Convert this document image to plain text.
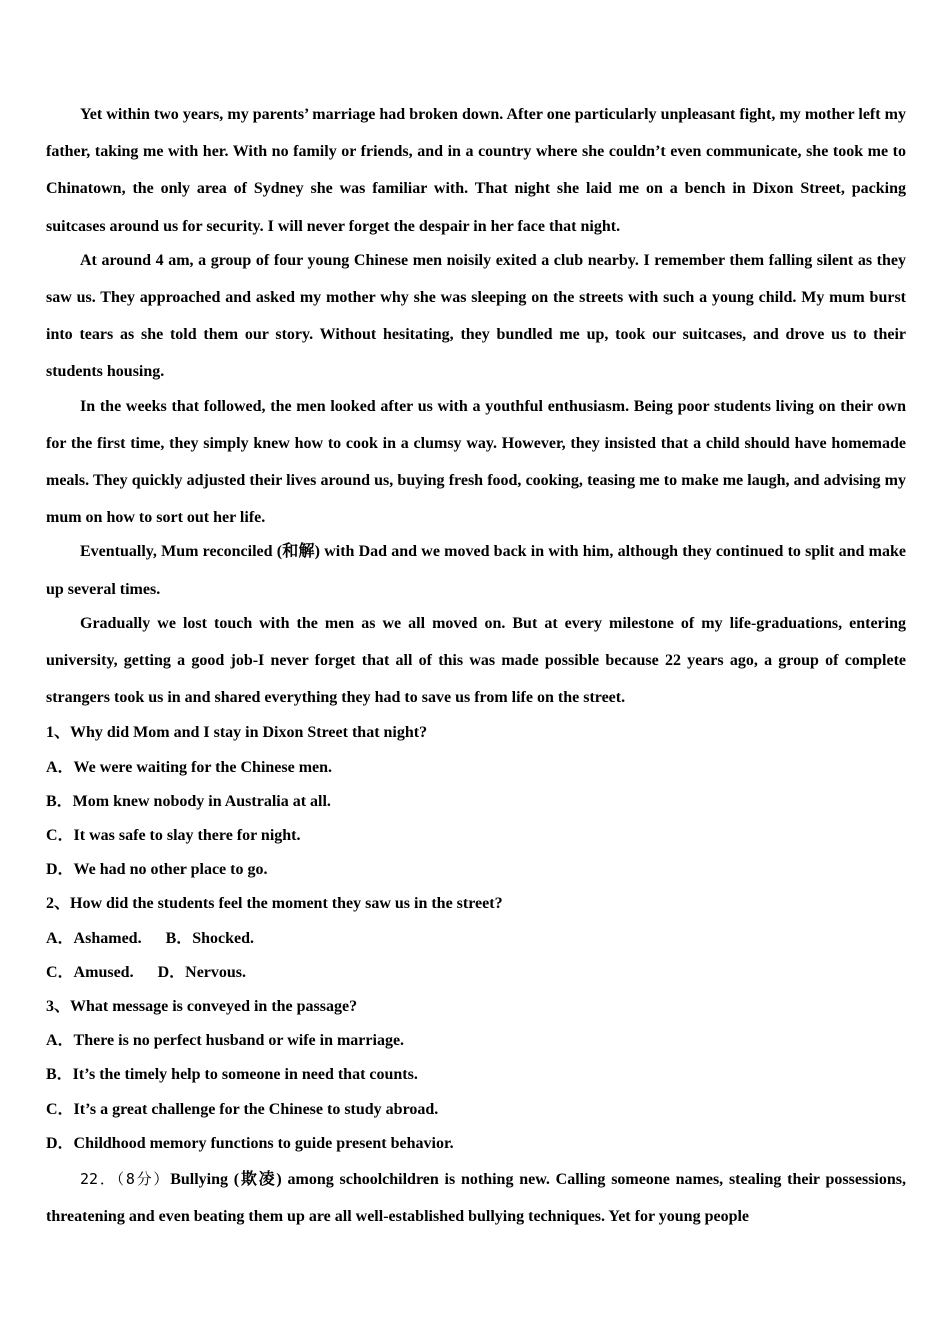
Yet within two years, my parents’ marriage had broken down. After one particularly unpleasant fight, my mother left my father, taking me with her. With no family or friends, and in a country where she couldn’t even communicate, she took me to Chinatown, the only area of Sydney she was familiar with. That night she laid me on a bench in Dixon Street, packing suitcases around us for security. I will never forget the despair in her face that night.

At around 4 am, a group of four young Chinese men noisily exited a club nearby. I remember them falling silent as they saw us. They approached and asked my mother why she was sleeping on the streets with such a young child. My mum burst into tears as she told them our story. Without hesitating, they bundled me up, took our suitcases, and drove us to their students housing.

In the weeks that followed, the men looked after us with a youthful enthusiasm. Being poor students living on their own for the first time, they simply knew how to cook in a clumsy way. However, they insisted that a child should have homemade meals. They quickly adjusted their lives around us, buying fresh food, cooking, teasing me to make me laugh, and advising my mum on how to sort out her life.

Eventually, Mum reconciled (和解) with Dad and we moved back in with him, although they continued to split and make up several times.

Gradually we lost touch with the men as we all moved on. But at every milestone of my life-graduations, entering university, getting a good job-I never forget that all of this was made possible because 22 years ago, a group of complete strangers took us in and shared everything they had to save us from life on the street.

1、Why did Mom and I stay in Dixon Street that night?

A．We were waiting for the Chinese men.

B．Mom knew nobody in Australia at all.

C．It was safe to slay there for night.

D．We had no other place to go.

2、How did the students feel the moment they saw us in the street?

A．Ashamed. B．Shocked.

C．Amused. D．Nervous.

3、What message is conveyed in the passage?

A．There is no perfect husband or wife in marriage.

B．It’s the timely help to someone in need that counts.

C．It’s a great challenge for the Chinese to study abroad.

D．Childhood memory functions to guide present behavior.

22．（8分）Bullying (欺凌) among schoolchildren is nothing new. Calling someone names, stealing their possessions, threatening and even beating them up are all well-established bullying techniques. Yet for young people
